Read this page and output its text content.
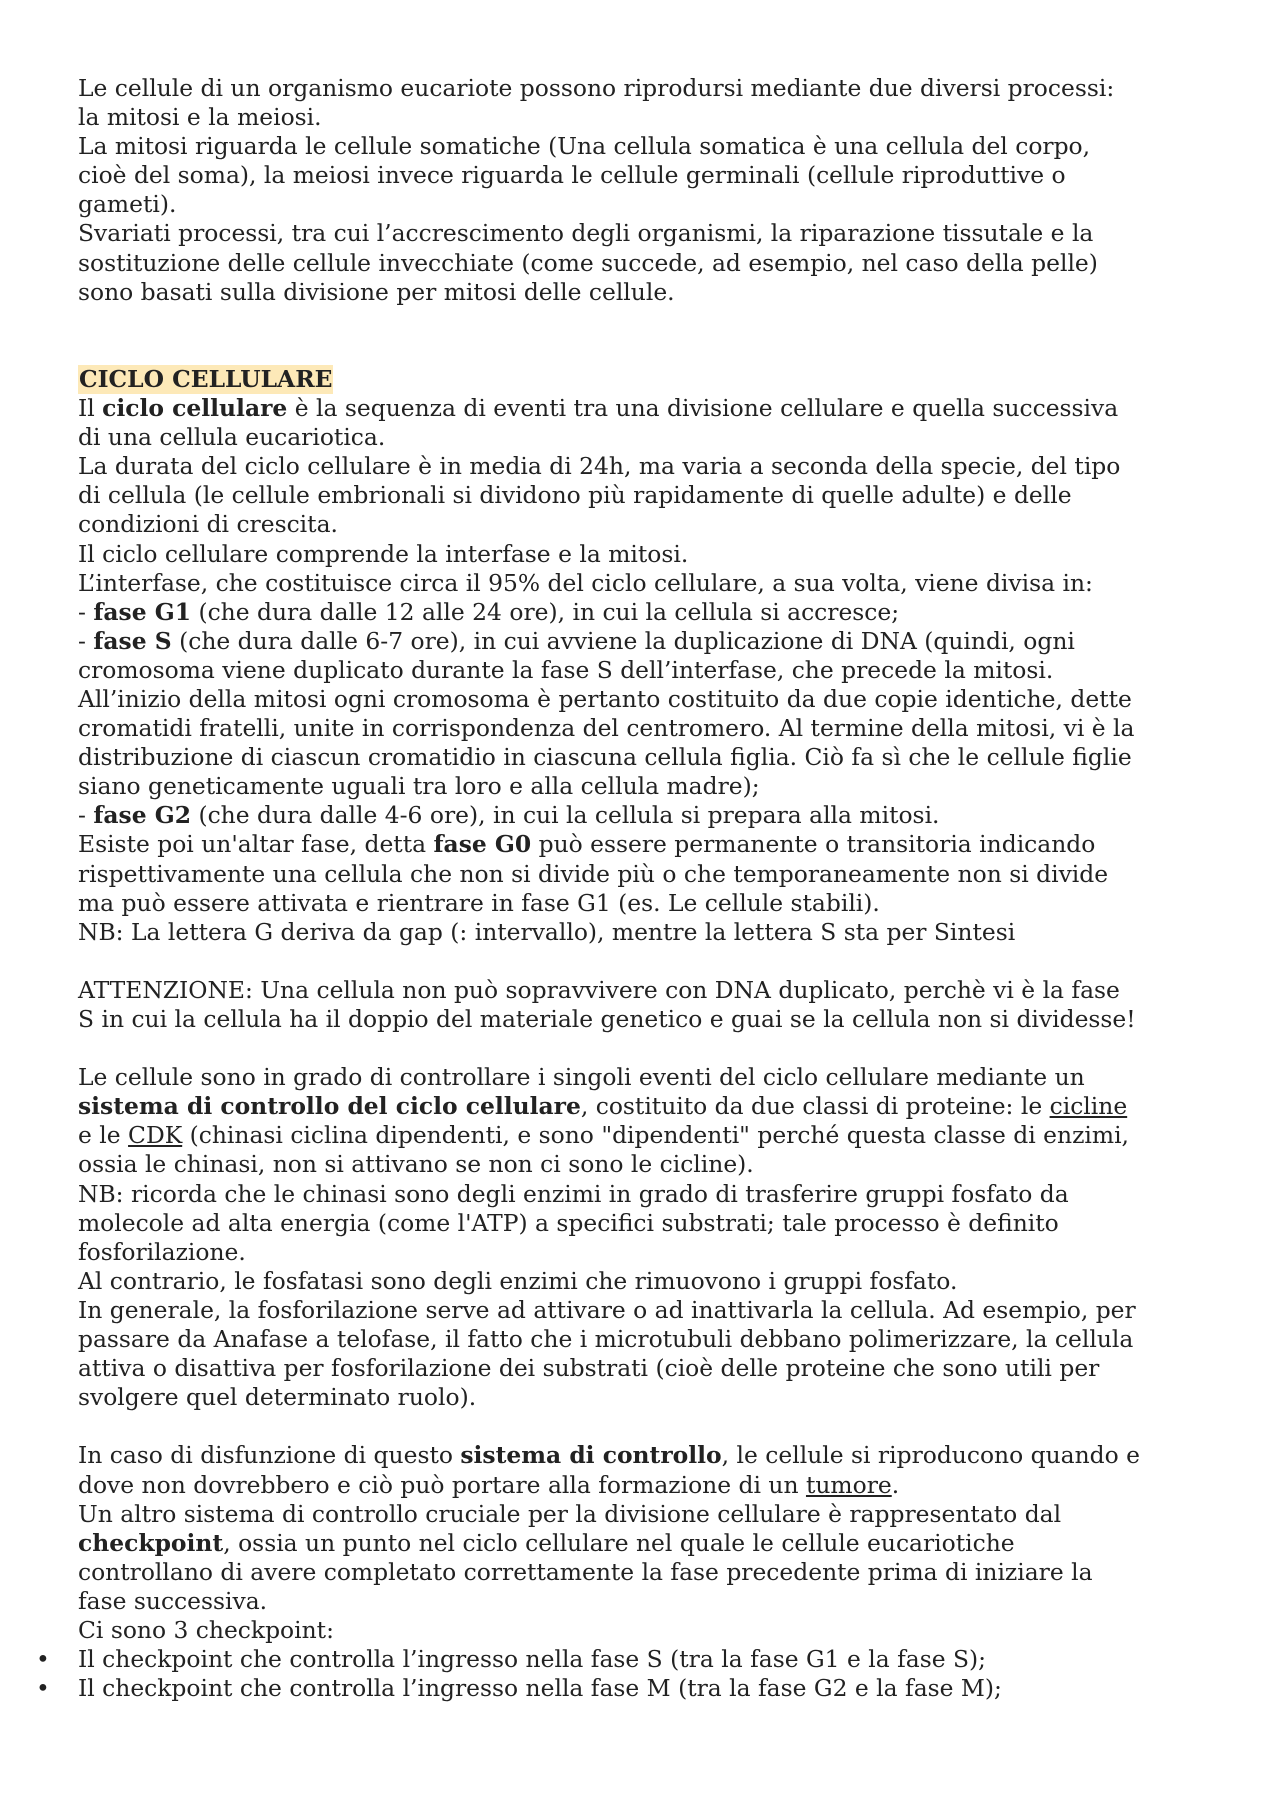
Le cellule di un organismo eucariote possono riprodursi mediante due diversi processi:

la mitosi e la meiosi.

La mitosi riguarda le cellule somatiche (Una cellula somatica è una cellula del corpo,

cioè del soma), la meiosi invece riguarda le cellule germinali (cellule riproduttive o

gameti).

Svariati processi, tra cui l’accrescimento degli organismi, la riparazione tissutale e la

sostituzione delle cellule invecchiate (come succede, ad esempio, nel caso della pelle)

sono basati sulla divisione per mitosi delle cellule.

CICLO CELLULARE

Il ciclo cellulare è la sequenza di eventi tra una divisione cellulare e quella successiva

di una cellula eucariotica.

La durata del ciclo cellulare è in media di 24h, ma varia a seconda della specie, del tipo

di cellula (le cellule embrionali si dividono più rapidamente di quelle adulte) e delle

condizioni di crescita.

Il ciclo cellulare comprende la interfase e la mitosi.

L’interfase, che costituisce circa il 95% del ciclo cellulare, a sua volta, viene divisa in:

- fase G1 (che dura dalle 12 alle 24 ore), in cui la cellula si accresce;

- fase S (che dura dalle 6-7 ore), in cui avviene la duplicazione di DNA (quindi, ogni

cromosoma viene duplicato durante la fase S dell’interfase, che precede la mitosi.

All’inizio della mitosi ogni cromosoma è pertanto costituito da due copie identiche, dette

cromatidi fratelli, unite in corrispondenza del centromero. Al termine della mitosi, vi è la

distribuzione di ciascun cromatidio in ciascuna cellula figlia. Ciò fa sì che le cellule figlie

siano geneticamente uguali tra loro e alla cellula madre);

- fase G2 (che dura dalle 4-6 ore), in cui la cellula si prepara alla mitosi.

Esiste poi un'altar fase, detta fase G0 può essere permanente o transitoria indicando

rispettivamente una cellula che non si divide più o che temporaneamente non si divide

ma può essere attivata e rientrare in fase G1 (es. Le cellule stabili).

NB: La lettera G deriva da gap (: intervallo), mentre la lettera S sta per Sintesi

ATTENZIONE: Una cellula non può sopravvivere con DNA duplicato, perchè vi è la fase

S in cui la cellula ha il doppio del materiale genetico e guai se la cellula non si dividesse!

Le cellule sono in grado di controllare i singoli eventi del ciclo cellulare mediante un

sistema di controllo del ciclo cellulare, costituito da due classi di proteine: le cicline

e le CDK (chinasi ciclina dipendenti, e sono "dipendenti" perché questa classe di enzimi,

ossia le chinasi, non si attivano se non ci sono le cicline).

NB: ricorda che le chinasi sono degli enzimi in grado di trasferire gruppi fosfato da

molecole ad alta energia (come l'ATP) a specifici substrati; tale processo è definito

fosforilazione.

Al contrario, le fosfatasi sono degli enzimi che rimuovono i gruppi fosfato.

In generale, la fosforilazione serve ad attivare o ad inattivarla la cellula. Ad esempio, per

passare da Anafase a telofase, il fatto che i microtubuli debbano polimerizzare, la cellula

attiva o disattiva per fosforilazione dei substrati (cioè delle proteine che sono utili per

svolgere quel determinato ruolo).

In caso di disfunzione di questo sistema di controllo, le cellule si riproducono quando e

dove non dovrebbero e ciò può portare alla formazione di un tumore.

Un altro sistema di controllo cruciale per la divisione cellulare è rappresentato dal

checkpoint, ossia un punto nel ciclo cellulare nel quale le cellule eucariotiche

controllano di avere completato correttamente la fase precedente prima di iniziare la

fase successiva.

Ci sono 3 checkpoint:

• Il checkpoint che controlla l’ingresso nella fase S (tra la fase G1 e la fase S);

• Il checkpoint che controlla l’ingresso nella fase M (tra la fase G2 e la fase M);
